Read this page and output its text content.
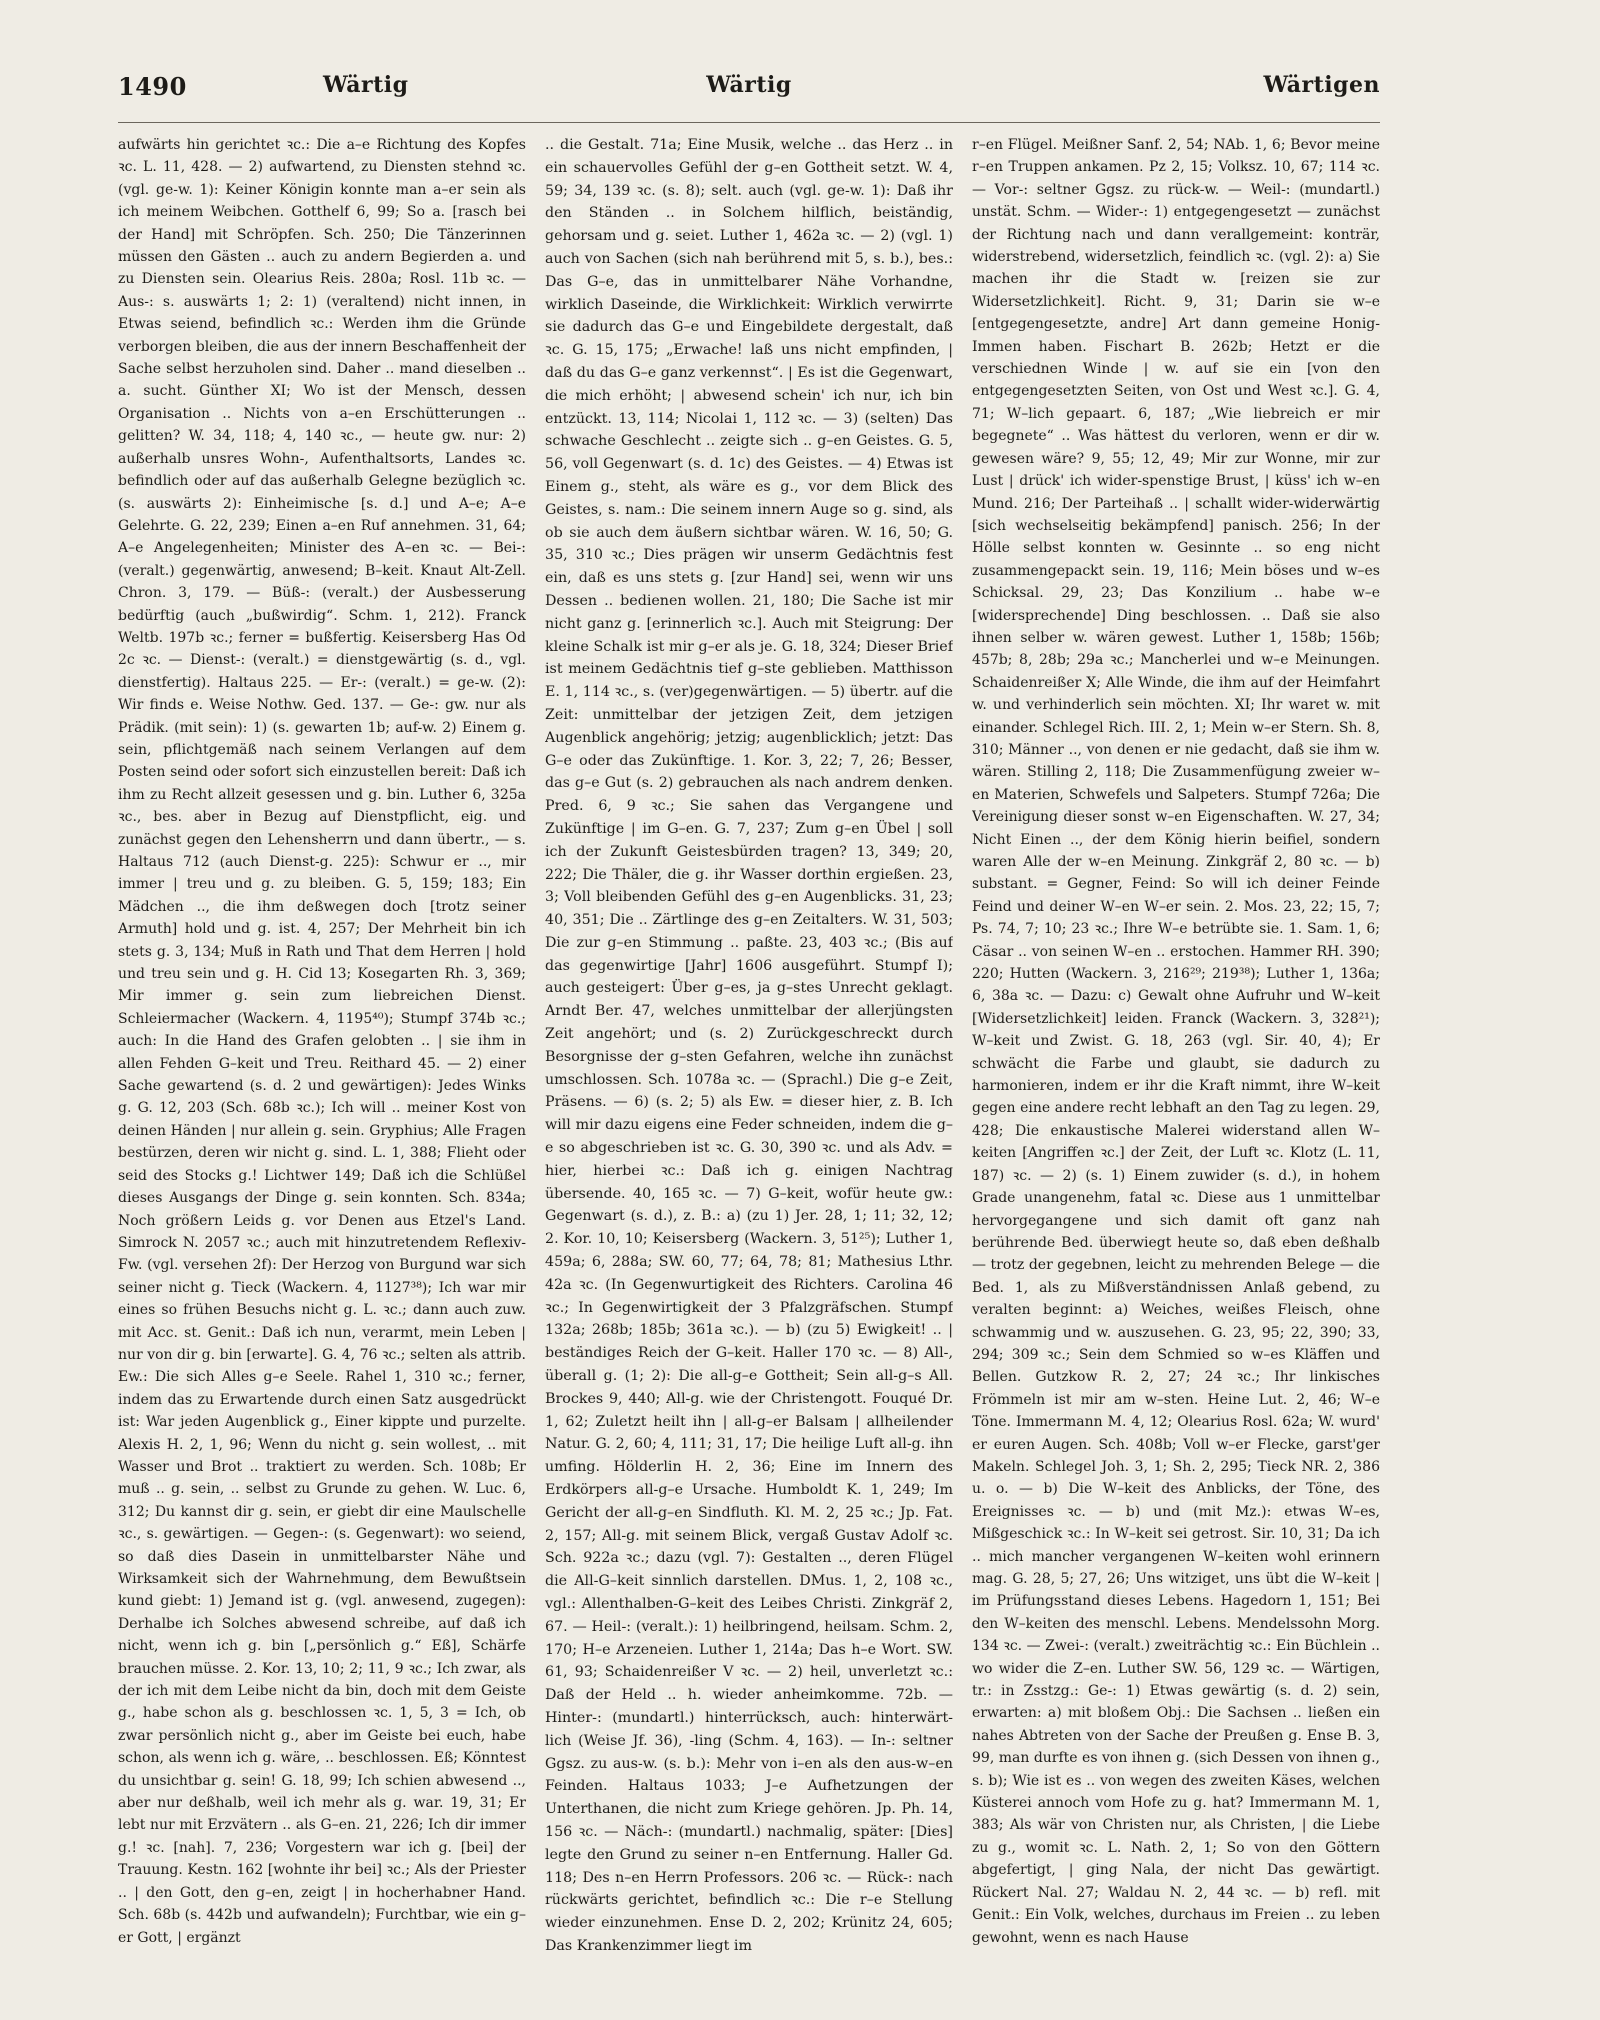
1490	Wärtig	Wärtig	Wärtigen

aufwärts hin gerichtet ꝛc.: Die a–e Richtung des Kopfes ꝛc. L. 11, 428. — 2) aufwartend, zu Diensten stehnd ꝛc. (vgl. ge-w. 1): Keiner Königin konnte man a–er sein als ich meinem Weibchen. Gotthelf 6, 99; So a. [rasch bei der Hand] mit Schröpfen. Sch. 250; Die Tänzerinnen müssen den Gästen .. auch zu andern Begierden a. und zu Diensten sein. Olearius Reis. 280a; Rosl. 11b ꝛc. — Aus-: s. auswärts 1; 2: 1) (veraltend) nicht innen, in Etwas seiend, befindlich ꝛc.: Werden ihm die Gründe verborgen bleiben, die aus der innern Beschaffenheit der Sache selbst herzuholen sind. Daher .. mand dieselben .. a. sucht. Günther XI; Wo ist der Mensch, dessen Organisation .. Nichts von a–en Erschütterungen .. gelitten? W. 34, 118; 4, 140 ꝛc., — heute gw. nur: 2) außerhalb unsres Wohn-, Aufenthaltsorts, Landes ꝛc. befindlich oder auf das außerhalb Gelegne bezüglich ꝛc. (s. auswärts 2): Einheimische [s. d.] und A–e; A–e Gelehrte. G. 22, 239; Einen a–en Ruf annehmen. 31, 64; A–e Angelegenheiten; Minister des A–en ꝛc. — Bei-: (veralt.) gegenwärtig, anwesend; B–keit. Knaut Alt-Zell. Chron. 3, 179. — Büß-: (veralt.) der Ausbesserung bedürftig (auch „bußwirdig“. Schm. 1, 212). Franck Weltb. 197b ꝛc.; ferner = bußfertig. Keisersberg Has Od 2c ꝛc. — Dienst-: (veralt.) = dienstgewärtig (s. d., vgl. dienstfertig). Haltaus 225. — Er-: (veralt.) = ge-w. (2): Wir finds e. Weise Nothw. Ged. 137. — Ge-: gw. nur als Prädik. (mit sein): 1) (s. gewarten 1b; auf-w. 2) Einem g. sein, pflichtgemäß nach seinem Verlangen auf dem Posten seind oder sofort sich einzustellen bereit: Daß ich ihm zu Recht allzeit gesessen und g. bin. Luther 6, 325a ꝛc., bes. aber in Bezug auf Dienstpflicht, eig. und zunächst gegen den Lehensherrn und dann übertr., — s. Haltaus 712 (auch Dienst-g. 225): Schwur er .., mir immer | treu und g. zu bleiben. G. 5, 159; 183; Ein Mädchen .., die ihm deßwegen doch [trotz seiner Armuth] hold und g. ist. 4, 257; Der Mehrheit bin ich stets g. 3, 134; Muß in Rath und That dem Herren | hold und treu sein und g. H. Cid 13; Kosegarten Rh. 3, 369; Mir immer g. sein zum liebreichen Dienst. Schleiermacher (Wackern. 4, 1195⁴⁰); Stumpf 374b ꝛc.; auch: In die Hand des Grafen gelobten .. | sie ihm in allen Fehden G–keit und Treu. Reithard 45. — 2) einer Sache gewartend (s. d. 2 und gewärtigen): Jedes Winks g. G. 12, 203 (Sch. 68b ꝛc.); Ich will .. meiner Kost von deinen Händen | nur allein g. sein. Gryphius; Alle Fragen bestürzen, deren wir nicht g. sind. L. 1, 388; Flieht oder seid des Stocks g.! Lichtwer 149; Daß ich die Schlüßel dieses Ausgangs der Dinge g. sein konnten. Sch. 834a; Noch größern Leids g. vor Denen aus Etzel's Land. Simrock N. 2057 ꝛc.; auch mit hinzutretendem Reflexiv-Fw. (vgl. versehen 2f): Der Herzog von Burgund war sich seiner nicht g. Tieck (Wackern. 4, 1127³⁸); Ich war mir eines so frühen Besuchs nicht g. L. ꝛc.; dann auch zuw. mit Acc. st. Genit.: Daß ich nun, verarmt, mein Leben | nur von dir g. bin [erwarte]. G. 4, 76 ꝛc.; selten als attrib. Ew.: Die sich Alles g–e Seele. Rahel 1, 310 ꝛc.; ferner, indem das zu Erwartende durch einen Satz ausgedrückt ist: War jeden Augenblick g., Einer kippte und purzelte. Alexis H. 2, 1, 96; Wenn du nicht g. sein wollest, .. mit Wasser und Brot .. traktiert zu werden. Sch. 108b; Er muß .. g. sein, .. selbst zu Grunde zu gehen. W. Luc. 6, 312; Du kannst dir g. sein, er giebt dir eine Maulschelle ꝛc., s. gewärtigen. — Gegen-: (s. Gegenwart): wo seiend, so daß dies Dasein in unmittelbarster Nähe und Wirksamkeit sich der Wahrnehmung, dem Bewußtsein kund giebt: 1) Jemand ist g. (vgl. anwesend, zugegen): Derhalbe ich Solches abwesend schreibe, auf daß ich nicht, wenn ich g. bin [„persönlich g.“ Eß], Schärfe brauchen müsse. 2. Kor. 13, 10; 2; 11, 9 ꝛc.; Ich zwar, als der ich mit dem Leibe nicht da bin, doch mit dem Geiste g., habe schon als g. beschlossen ꝛc. 1, 5, 3 = Ich, ob zwar persönlich nicht g., aber im Geiste bei euch, habe schon, als wenn ich g. wäre, .. beschlossen. Eß; Könntest du unsichtbar g. sein! G. 18, 99; Ich schien abwesend .., aber nur deßhalb, weil ich mehr als g. war. 19, 31; Er lebt nur mit Erzvätern .. als G–en. 21, 226; Ich dir immer g.! ꝛc. [nah]. 7, 236; Vorgestern war ich g. [bei] der Trauung. Kestn. 162 [wohnte ihr bei] ꝛc.; Als der Priester .. | den Gott, den g–en, zeigt | in hocherhabner Hand. Sch. 68b (s. 442b und aufwandeln); Furchtbar, wie ein g–er Gott, | ergänzt

.. die Gestalt. 71a; Eine Musik, welche .. das Herz .. in ein schauervolles Gefühl der g–en Gottheit setzt. W. 4, 59; 34, 139 ꝛc. (s. 8); selt. auch (vgl. ge-w. 1): Daß ihr den Ständen .. in Solchem hilflich, beiständig, gehorsam und g. seiet. Luther 1, 462a ꝛc. — 2) (vgl. 1) auch von Sachen (sich nah berührend mit 5, s. b.), bes.: Das G–e, das in unmittelbarer Nähe Vorhandne, wirklich Daseinde, die Wirklichkeit: Wirklich verwirrte sie dadurch das G–e und Eingebildete dergestalt, daß ꝛc. G. 15, 175; „Erwache! laß uns nicht empfinden, | daß du das G–e ganz verkennst“. | Es ist die Gegenwart, die mich erhöht; | abwesend schein' ich nur, ich bin entzückt. 13, 114; Nicolai 1, 112 ꝛc. — 3) (selten) Das schwache Geschlecht .. zeigte sich .. g–en Geistes. G. 5, 56, voll Gegenwart (s. d. 1c) des Geistes. — 4) Etwas ist Einem g., steht, als wäre es g., vor dem Blick des Geistes, s. nam.: Die seinem innern Auge so g. sind, als ob sie auch dem äußern sichtbar wären. W. 16, 50; G. 35, 310 ꝛc.; Dies prägen wir unserm Gedächtnis fest ein, daß es uns stets g. [zur Hand] sei, wenn wir uns Dessen .. bedienen wollen. 21, 180; Die Sache ist mir nicht ganz g. [erinnerlich ꝛc.]. Auch mit Steigrung: Der kleine Schalk ist mir g–er als je. G. 18, 324; Dieser Brief ist meinem Gedächtnis tief g–ste geblieben. Matthisson E. 1, 114 ꝛc., s. (ver)gegenwärtigen. — 5) übertr. auf die Zeit: unmittelbar der jetzigen Zeit, dem jetzigen Augenblick angehörig; jetzig; augenblicklich; jetzt: Das G–e oder das Zukünftige. 1. Kor. 3, 22; 7, 26; Besser, das g–e Gut (s. 2) gebrauchen als nach andrem denken. Pred. 6, 9 ꝛc.; Sie sahen das Vergangene und Zukünftige | im G–en. G. 7, 237; Zum g–en Übel | soll ich der Zukunft Geistesbürden tragen? 13, 349; 20, 222; Die Thäler, die g. ihr Wasser dorthin ergießen. 23, 3; Voll bleibenden Gefühl des g–en Augenblicks. 31, 23; 40, 351; Die .. Zärtlinge des g–en Zeitalters. W. 31, 503; Die zur g–en Stimmung .. paßte. 23, 403 ꝛc.; (Bis auf das gegenwirtige [Jahr] 1606 ausgeführt. Stumpf I); auch gesteigert: Über g–es, ja g–stes Unrecht geklagt. Arndt Ber. 47, welches unmittelbar der allerjüngsten Zeit angehört; und (s. 2) Zurückgeschreckt durch Besorgnisse der g–sten Gefahren, welche ihn zunächst umschlossen. Sch. 1078a ꝛc. — (Sprachl.) Die g–e Zeit, Präsens. — 6) (s. 2; 5) als Ew. = dieser hier, z. B. Ich will mir dazu eigens eine Feder schneiden, indem die g–e so abgeschrieben ist ꝛc. G. 30, 390 ꝛc. und als Adv. = hier, hierbei ꝛc.: Daß ich g. einigen Nachtrag übersende. 40, 165 ꝛc. — 7) G–keit, wofür heute gw.: Gegenwart (s. d.), z. B.: a) (zu 1) Jer. 28, 1; 11; 32, 12; 2. Kor. 10, 10; Keisersberg (Wackern. 3, 51²⁵); Luther 1, 459a; 6, 288a; SW. 60, 77; 64, 78; 81; Mathesius Lthr. 42a ꝛc. (In Gegenwurtigkeit des Richters. Carolina 46 ꝛc.; In Gegenwirtigkeit der 3 Pfalzgräfschen. Stumpf 132a; 268b; 185b; 361a ꝛc.). — b) (zu 5) Ewigkeit! .. | beständiges Reich der G–keit. Haller 170 ꝛc. — 8) All-, überall g. (1; 2): Die all-g–e Gottheit; Sein all-g–s All. Brockes 9, 440; All-g. wie der Christengott. Fouqué Dr. 1, 62; Zuletzt heilt ihn | all-g–er Balsam | allheilender Natur. G. 2, 60; 4, 111; 31, 17; Die heilige Luft all-g. ihn umfing. Hölderlin H. 2, 36; Eine im Innern des Erdkörpers all-g–e Ursache. Humboldt K. 1, 249; Im Gericht der all-g–en Sindfluth. Kl. M. 2, 25 ꝛc.; Jp. Fat. 2, 157; All-g. mit seinem Blick, vergaß Gustav Adolf ꝛc. Sch. 922a ꝛc.; dazu (vgl. 7): Gestalten .., deren Flügel die All-G–keit sinnlich darstellen. DMus. 1, 2, 108 ꝛc., vgl.: Allenthalben-G–keit des Leibes Christi. Zinkgräf 2, 67. — Heil-: (veralt.): 1) heilbringend, heilsam. Schm. 2, 170; H–e Arzeneien. Luther 1, 214a; Das h–e Wort. SW. 61, 93; Schaidenreißer V ꝛc. — 2) heil, unverletzt ꝛc.: Daß der Held .. h. wieder anheimkomme. 72b. — Hinter-: (mundartl.) hinterrücksch, auch: hinterwärt-lich (Weise Jf. 36), -ling (Schm. 4, 163). — In-: seltner Ggsz. zu aus-w. (s. b.): Mehr von i–en als den aus-w–en Feinden. Haltaus 1033; J–e Aufhetzungen der Unterthanen, die nicht zum Kriege gehören. Jp. Ph. 14, 156 ꝛc. — Näch-: (mundartl.) nachmalig, später: [Dies] legte den Grund zu seiner n–en Entfernung. Haller Gd. 118; Des n–en Herrn Professors. 206 ꝛc. — Rück-: nach rückwärts gerichtet, befindlich ꝛc.: Die r–e Stellung wieder einzunehmen. Ense D. 2, 202; Krünitz 24, 605; Das Krankenzimmer liegt im

r–en Flügel. Meißner Sanf. 2, 54; NAb. 1, 6; Bevor meine r–en Truppen ankamen. Pz 2, 15; Volksz. 10, 67; 114 ꝛc. — Vor-: seltner Ggsz. zu rück-w. — Weil-: (mundartl.) unstät. Schm. — Wider-: 1) entgegengesetzt — zunächst der Richtung nach und dann verallgemeint: konträr, widerstrebend, widersetzlich, feindlich ꝛc. (vgl. 2): a) Sie machen ihr die Stadt w. [reizen sie zur Widersetzlichkeit]. Richt. 9, 31; Darin sie w–e [entgegengesetzte, andre] Art dann gemeine Honig-Immen haben. Fischart B. 262b; Hetzt er die verschiednen Winde | w. auf sie ein [von den entgegengesetzten Seiten, von Ost und West ꝛc.]. G. 4, 71; W–lich gepaart. 6, 187; „Wie liebreich er mir begegnete“ .. Was hättest du verloren, wenn er dir w. gewesen wäre? 9, 55; 12, 49; Mir zur Wonne, mir zur Lust | drück' ich wider-spenstige Brust, | küss' ich w–en Mund. 216; Der Parteihaß .. | schallt wider-widerwärtig [sich wechselseitig bekämpfend] panisch. 256; In der Hölle selbst konnten w. Gesinnte .. so eng nicht zusammengepackt sein. 19, 116; Mein böses und w–es Schicksal. 29, 23; Das Konzilium .. habe w–e [widersprechende] Ding beschlossen. .. Daß sie also ihnen selber w. wären gewest. Luther 1, 158b; 156b; 457b; 8, 28b; 29a ꝛc.; Mancherlei und w–e Meinungen. Schaidenreißer X; Alle Winde, die ihm auf der Heimfahrt w. und verhinderlich sein möchten. XI; Ihr waret w. mit einander. Schlegel Rich. III. 2, 1; Mein w–er Stern. Sh. 8, 310; Männer .., von denen er nie gedacht, daß sie ihm w. wären. Stilling 2, 118; Die Zusammenfügung zweier w–en Materien, Schwefels und Salpeters. Stumpf 726a; Die Vereinigung dieser sonst w–en Eigenschaften. W. 27, 34; Nicht Einen .., der dem König hierin beifiel, sondern waren Alle der w–en Meinung. Zinkgräf 2, 80 ꝛc. — b) substant. = Gegner, Feind: So will ich deiner Feinde Feind und deiner W–en W–er sein. 2. Mos. 23, 22; 15, 7; Ps. 74, 7; 10; 23 ꝛc.; Ihre W–e betrübte sie. 1. Sam. 1, 6; Cäsar .. von seinen W–en .. erstochen. Hammer RH. 390; 220; Hutten (Wackern. 3, 216²⁹; 219³⁸); Luther 1, 136a; 6, 38a ꝛc. — Dazu: c) Gewalt ohne Aufruhr und W–keit [Widersetzlichkeit] leiden. Franck (Wackern. 3, 328²¹); W–keit und Zwist. G. 18, 263 (vgl. Sir. 40, 4); Er schwächt die Farbe und glaubt, sie dadurch zu harmonieren, indem er ihr die Kraft nimmt, ihre W–keit gegen eine andere recht lebhaft an den Tag zu legen. 29, 428; Die enkaustische Malerei widerstand allen W–keiten [Angriffen ꝛc.] der Zeit, der Luft ꝛc. Klotz (L. 11, 187) ꝛc. — 2) (s. 1) Einem zuwider (s. d.), in hohem Grade unangenehm, fatal ꝛc. Diese aus 1 unmittelbar hervorgegangene und sich damit oft ganz nah berührende Bed. überwiegt heute so, daß eben deßhalb — trotz der gegebnen, leicht zu mehrenden Belege — die Bed. 1, als zu Mißverständnissen Anlaß gebend, zu veralten beginnt: a) Weiches, weißes Fleisch, ohne schwammig und w. auszusehen. G. 23, 95; 22, 390; 33, 294; 309 ꝛc.; Sein dem Schmied so w–es Kläffen und Bellen. Gutzkow R. 2, 27; 24 ꝛc.; Ihr linkisches Frömmeln ist mir am w–sten. Heine Lut. 2, 46; W–e Töne. Immermann M. 4, 12; Olearius Rosl. 62a; W. wurd' er euren Augen. Sch. 408b; Voll w–er Flecke, garst'ger Makeln. Schlegel Joh. 3, 1; Sh. 2, 295; Tieck NR. 2, 386 u. o. — b) Die W–keit des Anblicks, der Töne, des Ereignisses ꝛc. — b) und (mit Mz.): etwas W–es, Mißgeschick ꝛc.: In W–keit sei getrost. Sir. 10, 31; Da ich .. mich mancher vergangenen W–keiten wohl erinnern mag. G. 28, 5; 27, 26; Uns witziget, uns übt die W–keit | im Prüfungsstand dieses Lebens. Hagedorn 1, 151; Bei den W–keiten des menschl. Lebens. Mendelssohn Morg. 134 ꝛc. — Zwei-: (veralt.) zweiträchtig ꝛc.: Ein Büchlein .. wo wider die Z–en. Luther SW. 56, 129 ꝛc. — Wärtigen, tr.: in Zsstzg.: Ge-: 1) Etwas gewärtig (s. d. 2) sein, erwarten: a) mit bloßem Obj.: Die Sachsen .. ließen ein nahes Abtreten von der Sache der Preußen g. Ense B. 3, 99, man durfte es von ihnen g. (sich Dessen von ihnen g., s. b); Wie ist es .. von wegen des zweiten Käses, welchen Küsterei annoch vom Hofe zu g. hat? Immermann M. 1, 383; Als wär von Christen nur, als Christen, | die Liebe zu g., womit ꝛc. L. Nath. 2, 1; So von den Göttern abgefertigt, | ging Nala, der nicht Das gewärtigt. Rückert Nal. 27; Waldau N. 2, 44 ꝛc. — b) refl. mit Genit.: Ein Volk, welches, durchaus im Freien .. zu leben gewohnt, wenn es nach Hause
